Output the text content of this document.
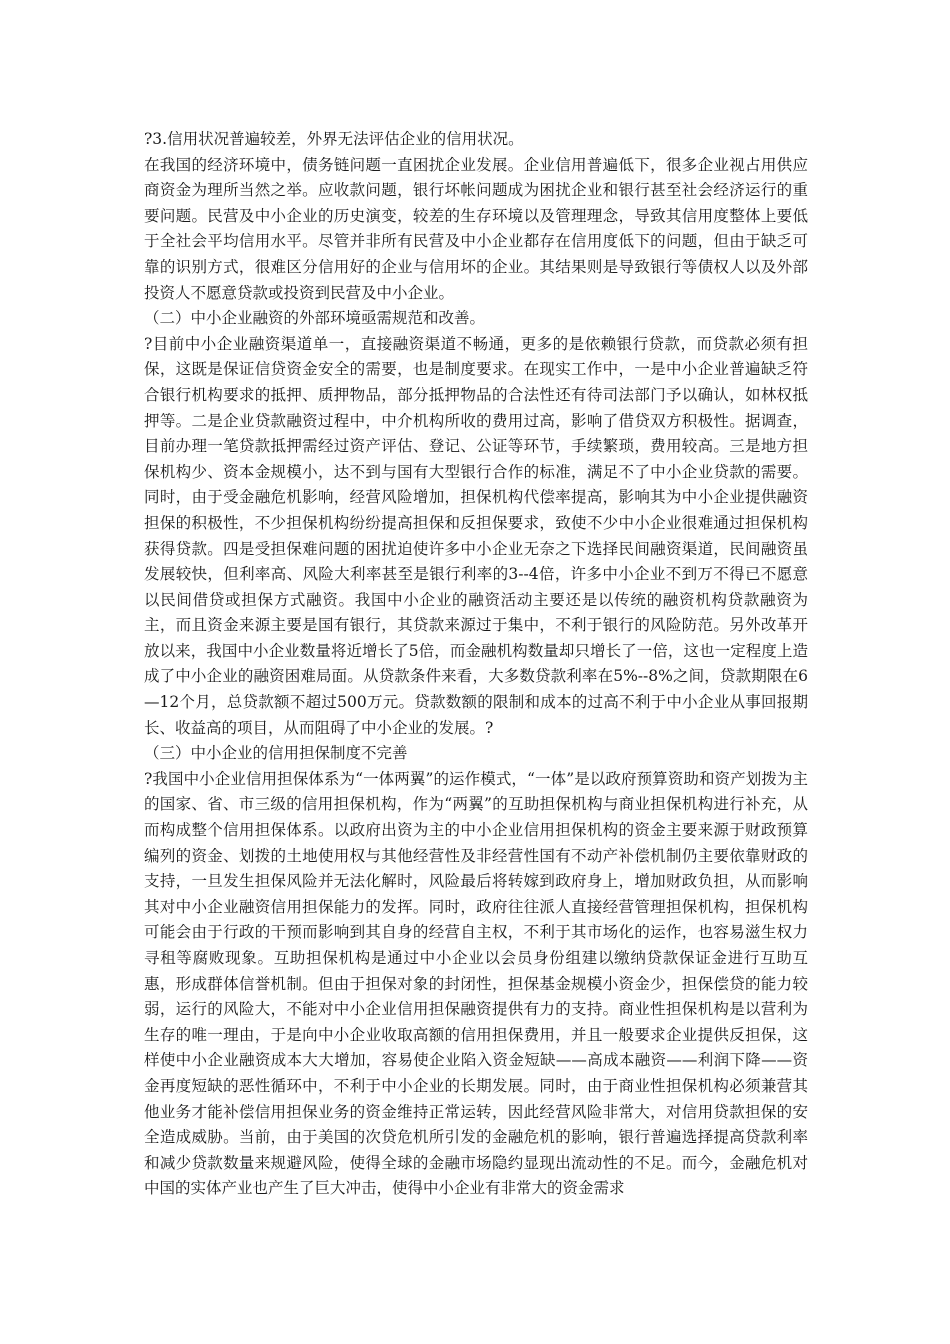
?3.信用状况普遍较差，外界无法评估企业的信用状况。

在我国的经济环境中，债务链问题一直困扰企业发展。企业信用普遍低下，很多企业视占用供应商资金为理所当然之举。应收款问题，银行坏帐问题成为困扰企业和银行甚至社会经济运行的重要问题。民营及中小企业的历史演变，较差的生存环境以及管理理念，导致其信用度整体上要低于全社会平均信用水平。尽管并非所有民营及中小企业都存在信用度低下的问题，但由于缺乏可靠的识别方式，很难区分信用好的企业与信用坏的企业。其结果则是导致银行等债权人以及外部投资人不愿意贷款或投资到民营及中小企业。

（二）中小企业融资的外部环境亟需规范和改善。

?目前中小企业融资渠道单一，直接融资渠道不畅通，更多的是依赖银行贷款，而贷款必须有担保，这既是保证信贷资金安全的需要，也是制度要求。在现实工作中，一是中小企业普遍缺乏符合银行机构要求的抵押、质押物品，部分抵押物品的合法性还有待司法部门予以确认，如林权抵押等。二是企业贷款融资过程中，中介机构所收的费用过高，影响了借贷双方积极性。据调查，目前办理一笔贷款抵押需经过资产评估、登记、公证等环节，手续繁琐，费用较高。三是地方担保机构少、资本金规模小，达不到与国有大型银行合作的标准，满足不了中小企业贷款的需要。同时，由于受金融危机影响，经营风险增加，担保机构代偿率提高，影响其为中小企业提供融资担保的积极性，不少担保机构纷纷提高担保和反担保要求，致使不少中小企业很难通过担保机构获得贷款。四是受担保难问题的困扰迫使许多中小企业无奈之下选择民间融资渠道，民间融资虽发展较快，但利率高、风险大利率甚至是银行利率的3--4倍，许多中小企业不到万不得已不愿意以民间借贷或担保方式融资。我国中小企业的融资活动主要还是以传统的融资机构贷款融资为主，而且资金来源主要是国有银行，其贷款来源过于集中，不利于银行的风险防范。另外改革开放以来，我国中小企业数量将近增长了5倍，而金融机构数量却只增长了一倍，这也一定程度上造成了中小企业的融资困难局面。从贷款条件来看，大多数贷款利率在5%--8%之间，贷款期限在6—12个月，总贷款额不超过500万元。贷款数额的限制和成本的过高不利于中小企业从事回报期长、收益高的项目，从而阻碍了中小企业的发展。?

（三）中小企业的信用担保制度不完善

?我国中小企业信用担保体系为“一体两翼”的运作模式，“一体”是以政府预算资助和资产划拨为主的国家、省、市三级的信用担保机构，作为“两翼”的互助担保机构与商业担保机构进行补充，从而构成整个信用担保体系。以政府出资为主的中小企业信用担保机构的资金主要来源于财政预算编列的资金、划拨的土地使用权与其他经营性及非经营性国有不动产补偿机制仍主要依靠财政的支持，一旦发生担保风险并无法化解时，风险最后将转嫁到政府身上，增加财政负担，从而影响其对中小企业融资信用担保能力的发挥。同时，政府往往派人直接经营管理担保机构，担保机构可能会由于行政的干预而影响到其自身的经营自主权，不利于其市场化的运作，也容易滋生权力寻租等腐败现象。互助担保机构是通过中小企业以会员身份组建以缴纳贷款保证金进行互助互惠，形成群体信誉机制。但由于担保对象的封闭性，担保基金规模小资金少，担保偿贷的能力较弱，运行的风险大，不能对中小企业信用担保融资提供有力的支持。商业性担保机构是以营利为生存的唯一理由，于是向中小企业收取高额的信用担保费用，并且一般要求企业提供反担保，这样使中小企业融资成本大大增加，容易使企业陷入资金短缺——高成本融资——利润下降——资金再度短缺的恶性循环中，不利于中小企业的长期发展。同时，由于商业性担保机构必须兼营其他业务才能补偿信用担保业务的资金维持正常运转，因此经营风险非常大，对信用贷款担保的安全造成威胁。当前，由于美国的次贷危机所引发的金融危机的影响，银行普遍选择提高贷款利率和减少贷款数量来规避风险，使得全球的金融市场隐约显现出流动性的不足。而今，金融危机对中国的实体产业也产生了巨大冲击，使得中小企业有非常大的资金需求
